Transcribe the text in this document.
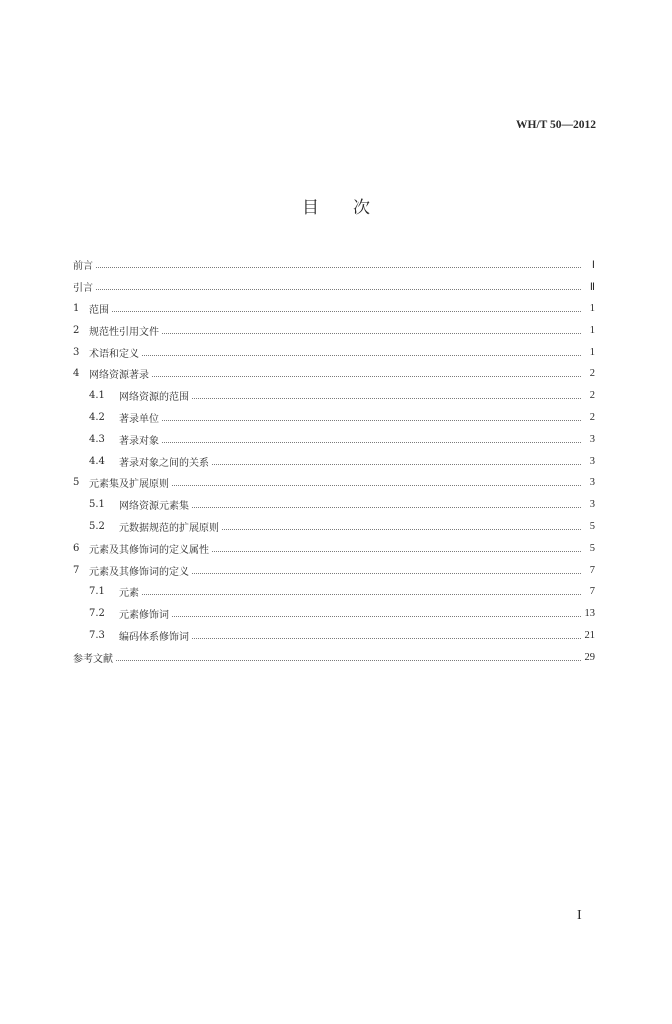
WH/T 50—2012
目 次
前言	Ⅰ
引言	Ⅱ
1 范围	1
2 规范性引用文件	1
3 术语和定义	1
4 网络资源著录	2
4.1	网络资源的范围	2
4.2	著录单位	2
4.3	著录对象	3
4.4	著录对象之间的关系	3
5 元素集及扩展原则	3
5.1	网络资源元素集	3
5.2	元数据规范的扩展原则	5
6 元素及其修饰词的定义属性	5
7 元素及其修饰词的定义	7
7.1	元素	7
7.2	元素修饰词	13
7.3	编码体系修饰词	21
参考文献	29
I
